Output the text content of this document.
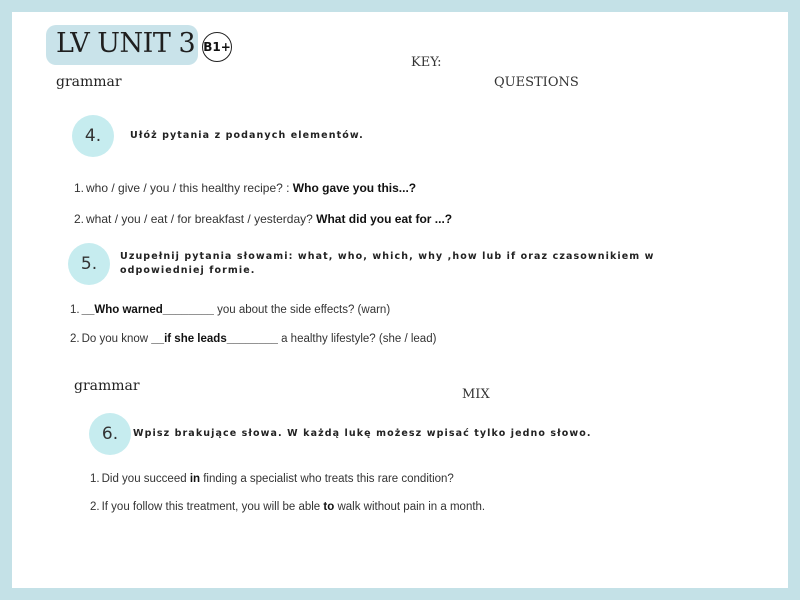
LV UNIT 3 B1+
grammar
KEY:
QUESTIONS
4.	Ułóż pytania z podanych elementów.
1. who / give / you / this healthy recipe? : Who gave you this...?
2. what / you / eat / for breakfast / yesterday? What did you eat for ...?
5.	Uzupełnij pytania słowami: what, who, which, why ,how lub if oraz czasownikiem w
odpowiedniej formie.
1. __Who warned________ you about the side effects? (warn)
2. Do you know __if she leads________ a healthy lifestyle? (she / lead)
grammar
MIX
6.	Wpisz brakujące słowa. W każdą lukę możesz wpisać tylko jedno słowo.
1. Did you succeed in finding a specialist who treats this rare condition?
2. If you follow this treatment, you will be able to walk without pain in a month.
